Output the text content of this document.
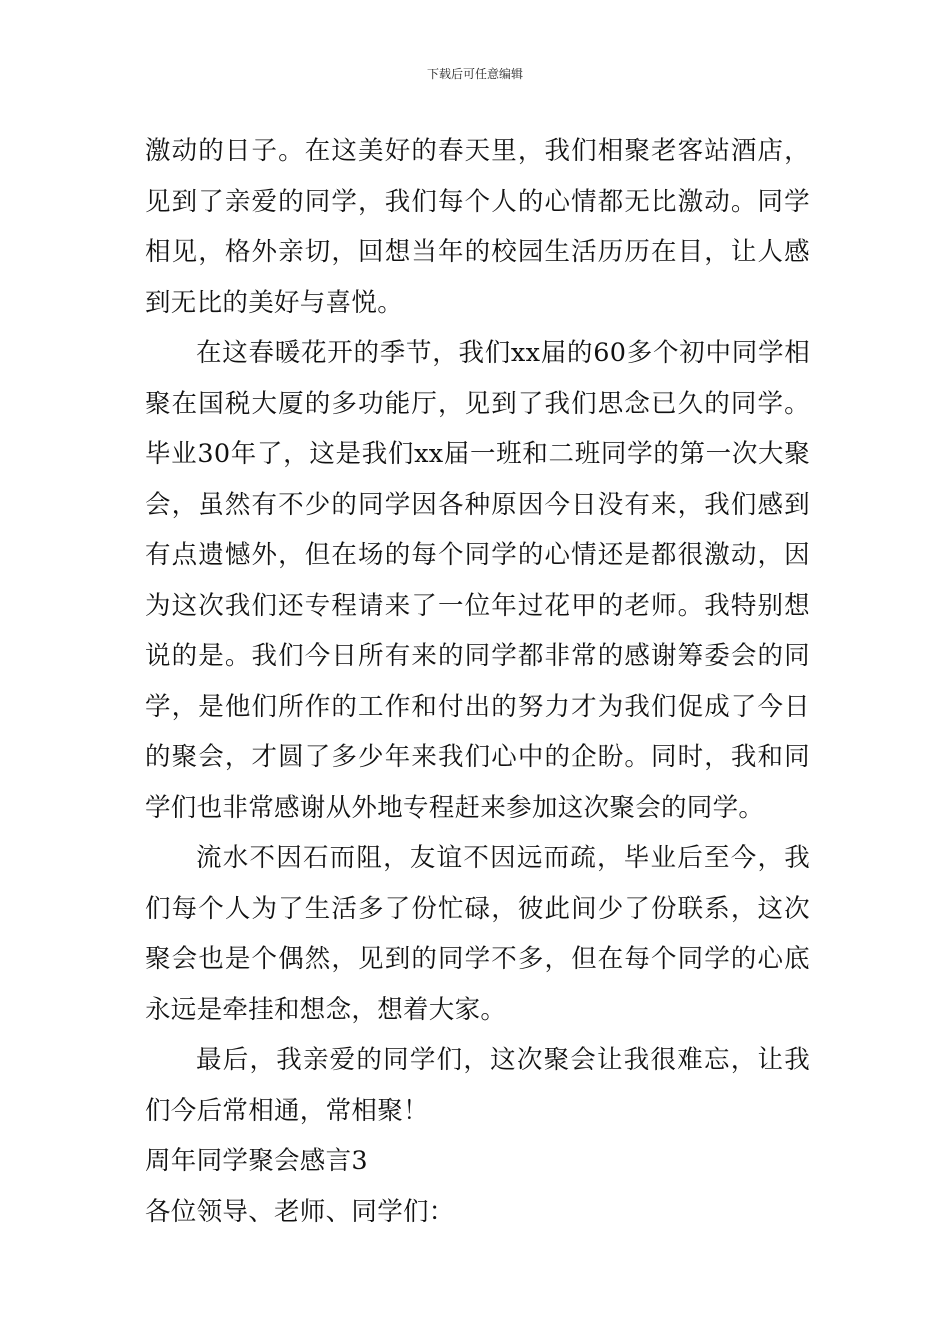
下载后可任意编辑

激动的日子。在这美好的春天里，我们相聚老客站酒店，见到了亲爱的同学，我们每个人的心情都无比激动。同学相见，格外亲切，回想当年的校园生活历历在目，让人感到无比的美好与喜悦。

在这春暖花开的季节，我们xx届的60多个初中同学相聚在国税大厦的多功能厅，见到了我们思念已久的同学。毕业30年了，这是我们xx届一班和二班同学的第一次大聚会，虽然有不少的同学因各种原因今日没有来，我们感到有点遗憾外，但在场的每个同学的心情还是都很激动，因为这次我们还专程请来了一位年过花甲的老师。我特别想说的是。我们今日所有来的同学都非常的感谢筹委会的同学，是他们所作的工作和付出的努力才为我们促成了今日的聚会，才圆了多少年来我们心中的企盼。同时，我和同学们也非常感谢从外地专程赶来参加这次聚会的同学。

流水不因石而阻，友谊不因远而疏，毕业后至今，我们每个人为了生活多了份忙碌，彼此间少了份联系，这次聚会也是个偶然，见到的同学不多，但在每个同学的心底永远是牵挂和想念，想着大家。

最后，我亲爱的同学们，这次聚会让我很难忘，让我们今后常相通，常相聚！

周年同学聚会感言3

各位领导、老师、同学们：
